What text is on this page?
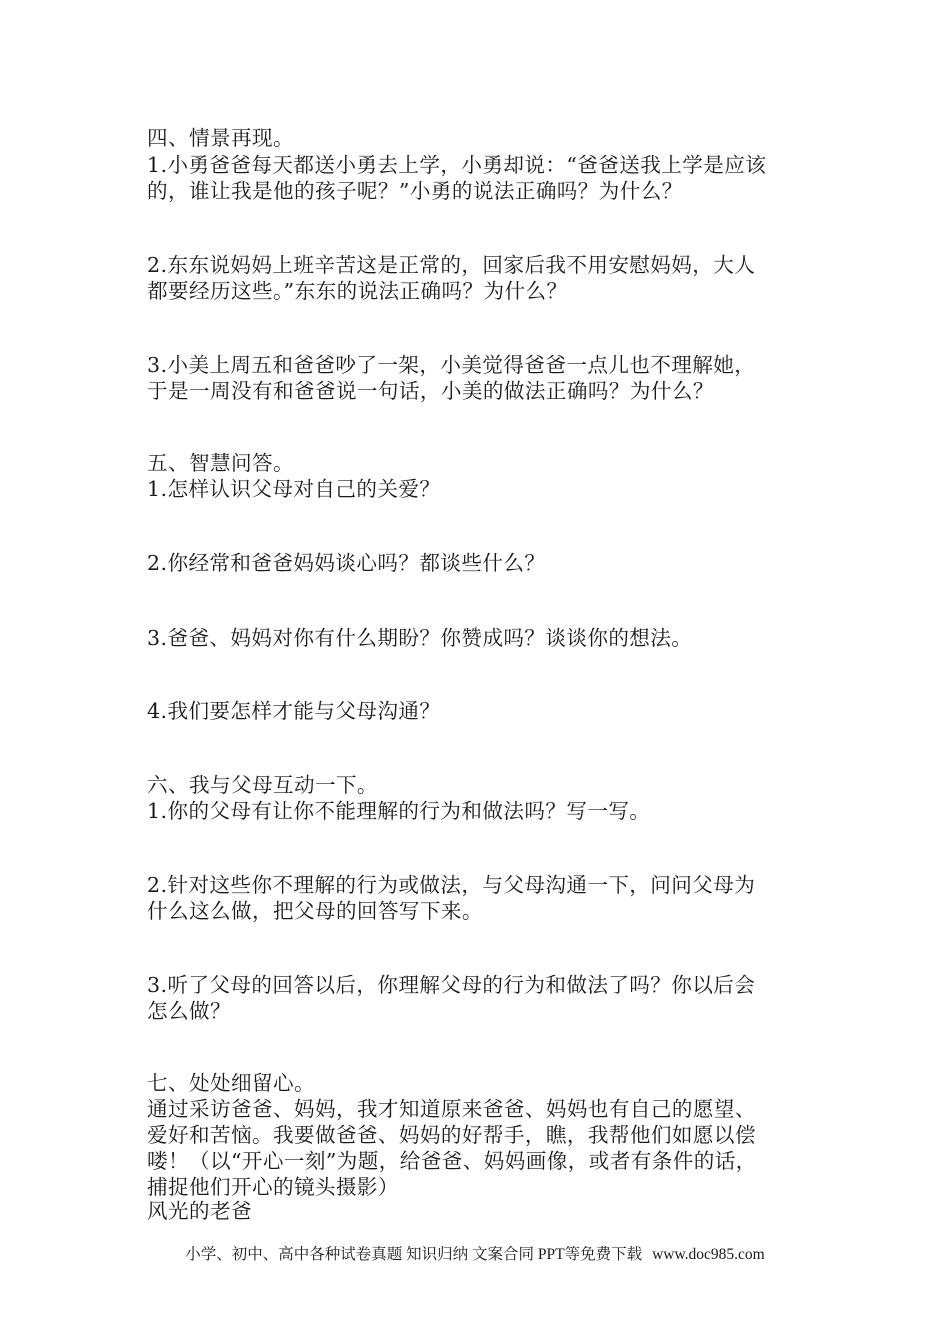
四、情景再现。

1.小勇爸爸每天都送小勇去上学，小勇却说：“爸爸送我上学是应该

的，谁让我是他的孩子呢？”小勇的说法正确吗？为什么？

2.东东说妈妈上班辛苦这是正常的，回家后我不用安慰妈妈，大人

都要经历这些。”东东的说法正确吗？为什么？

3.小美上周五和爸爸吵了一架，小美觉得爸爸一点儿也不理解她，

于是一周没有和爸爸说一句话，小美的做法正确吗？为什么？

五、智慧问答。

1.怎样认识父母对自己的关爱？

2.你经常和爸爸妈妈谈心吗？都谈些什么？

3.爸爸、妈妈对你有什么期盼？你赞成吗？谈谈你的想法。

4.我们要怎样才能与父母沟通？

六、我与父母互动一下。

1.你的父母有让你不能理解的行为和做法吗？写一写。

2.针对这些你不理解的行为或做法，与父母沟通一下，问问父母为

什么这么做，把父母的回答写下来。

3.听了父母的回答以后，你理解父母的行为和做法了吗？你以后会

怎么做？

七、处处细留心。

通过采访爸爸、妈妈，我才知道原来爸爸、妈妈也有自己的愿望、

爱好和苦恼。我要做爸爸、妈妈的好帮手，瞧，我帮他们如愿以偿

喽！（以“开心一刻”为题，给爸爸、妈妈画像，或者有条件的话，

捕捉他们开心的镜头摄影）

风光的老爸

小学、初中、高中各种试卷真题 知识归纳 文案合同 PPT等免费下载 www.doc985.com
